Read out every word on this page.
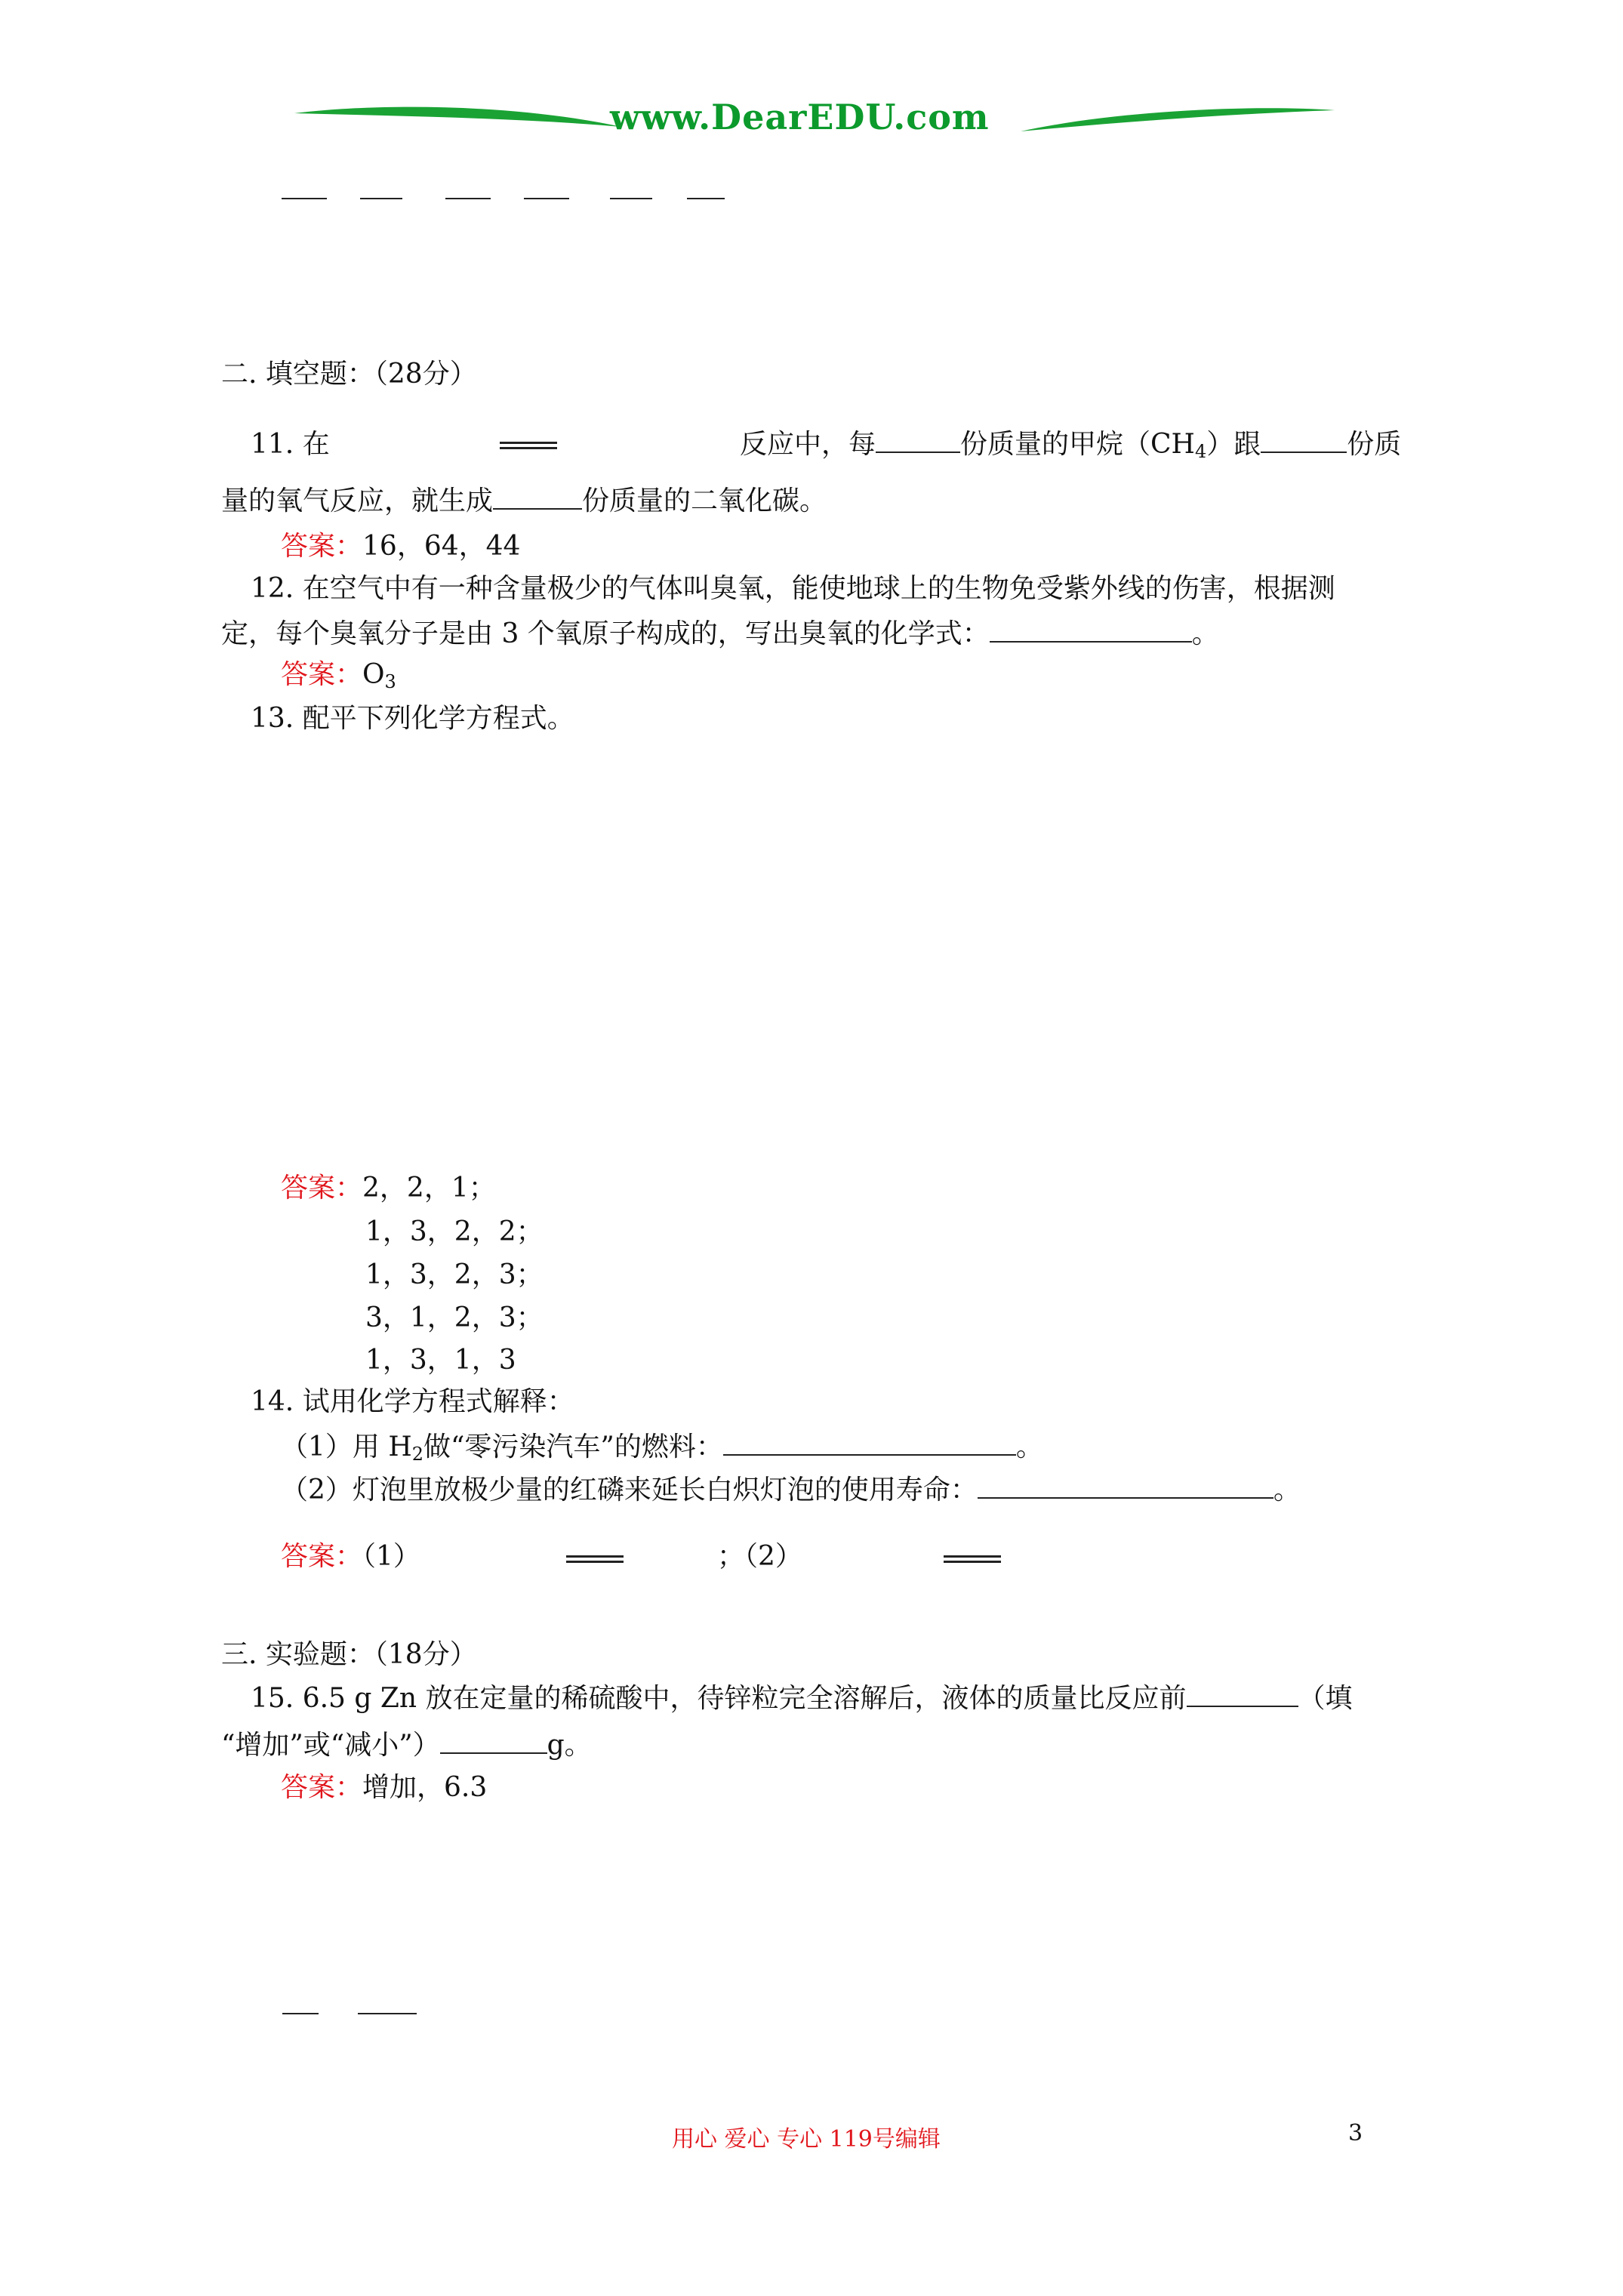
www.DearEDU.com
二. 填空题：（28分）
11. 在	反应中，每	份质量的甲烷$(CH_4)$跟	份质
量的氧气反应，就生成	份质量的二氧化碳。
答案：16，64，44
12. 在空气中有一种含量极少的气体叫臭氧，能使地球上的生物免受紫外线的伤害，根据测
定，每个臭氧分子是由 3 个氧原子构成的，写出臭氧的化学式：	。
答案：$O_3$
13. 配平下列化学方程式。
答案：2，2，1；
1，3，2，2；
1，3，2，3；
3，1，2，3；
1，3，1，3
14. 试用化学方程式解释：
（1）用 $H_2$做“零污染汽车”的燃料：	。
（2）灯泡里放极少量的红磷来延长白炽灯泡的使用寿命：	。
答案：（1）	；（2）
三. 实验题：（18分）
15. 6.5 g Zn 放在定量的稀硫酸中，待锌粒完全溶解后，液体的质量比反应前	（填
“增加”或“减小”）	g。
答案：增加，6.3
用心 爱心 专心 119号编辑	3
